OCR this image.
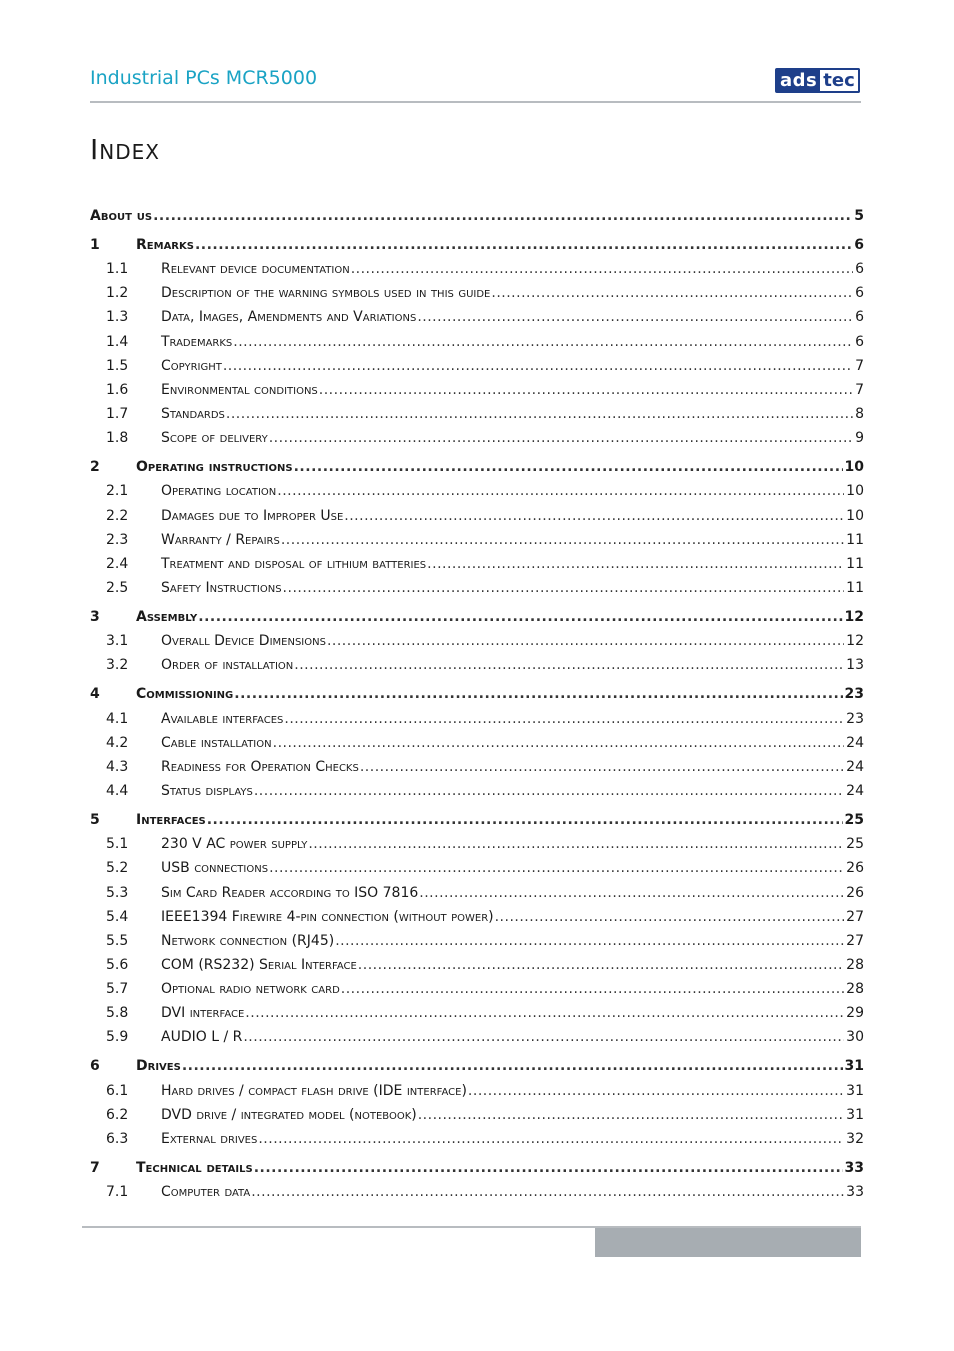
Industrial PCs MCR5000	ads tec
Index
About us .....	5
1	Remarks .....	6
1.1	Relevant device documentation .....	6
1.2	Description of the warning symbols used in this guide .....	6
1.3	Data, Images, Amendments and Variations .....	6
1.4	Trademarks .....	6
1.5	Copyright .....	7
1.6	Environmental conditions .....	7
1.7	Standards .....	8
1.8	Scope of delivery .....	9
2	Operating instructions .....	10
2.1	Operating location .....	10
2.2	Damages due to Improper Use .....	10
2.3	Warranty / Repairs .....	11
2.4	Treatment and disposal of lithium batteries .....	11
2.5	Safety Instructions .....	11
3	Assembly .....	12
3.1	Overall Device Dimensions .....	12
3.2	Order of installation .....	13
4	Commissioning .....	23
4.1	Available interfaces .....	23
4.2	Cable installation .....	24
4.3	Readiness for Operation Checks .....	24
4.4	Status displays .....	24
5	Interfaces .....	25
5.1	230 V AC power supply .....	25
5.2	USB connections .....	26
5.3	Sim Card Reader according to ISO 7816 .....	26
5.4	IEEE1394 Firewire 4-pin connection (without power) .....	27
5.5	Network connection (RJ45) .....	27
5.6	COM (RS232) Serial Interface .....	28
5.7	Optional radio network card .....	28
5.8	DVI interface .....	29
5.9	AUDIO L / R .....	30
6	Drives .....	31
6.1	Hard drives / compact flash drive (IDE interface) .....	31
6.2	DVD drive / integrated model (notebook) .....	31
6.3	External drives .....	32
7	Technical details .....	33
7.1	Computer data .....	33
